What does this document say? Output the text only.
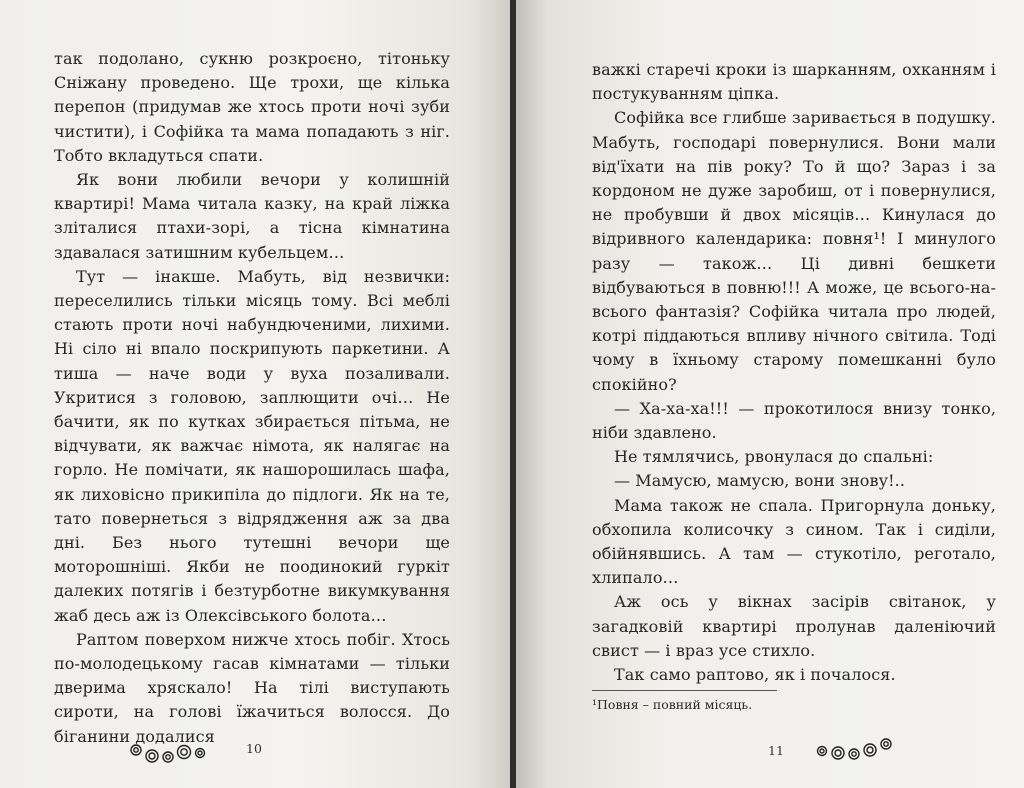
так подолано, сукню розкроєно, тітоньку Сніжану проведено. Ще трохи, ще кілька перепон (придумав же хтось проти ночі зуби чистити), і Софійка та мама попадають з ніг. Тобто вкладуться спати.

Як вони любили вечори у колишній квартирі! Мама читала казку, на край ліжка зліталися птахи-зорі, а тісна кімнатина здавалася затишним кубельцем…

Тут — інакше. Мабуть, від незвички: переселились тільки місяць тому. Всі меблі стають проти ночі набундюченими, лихими. Ні сіло ні впало поскрипують паркетини. А тиша — наче води у вуха позаливали. Укритися з головою, заплющити очі… Не бачити, як по кутках збирається пітьма, не відчувати, як важчає німота, як налягає на горло. Не помічати, як нашорошилась шафа, як лиховісно прикипіла до підлоги. Як на те, тато повернеться з відрядження аж за два дні. Без нього тутешні вечори ще моторошніші. Якби не поодинокий гуркіт далеких потягів і безтурботне викумкування жаб десь аж із Олексівського болота…

Раптом поверхом нижче хтось побіг. Хтось по-молодецькому гасав кімнатами — тільки дверима хряскало! На тілі виступають сироти, на голові їжачиться волосся. До біганини додалися

10

важкі старечі кроки із шарканням, охканням і постукуванням ціпка.

Софійка все глибше заривається в подушку. Мабуть, господарі повернулися. Вони мали від'їхати на пів року? То й що? Зараз і за кордоном не дуже заробиш, от і повернулися, не пробувши й двох місяців… Кинулася до відривного календарика: повня¹! І минулого разу — також… Ці дивні бешкети відбуваються в повню!!! А може, це всього-на-всього фантазія? Софійка читала про людей, котрі піддаються впливу нічного світила. Тоді чому в їхньому старому помешканні було спокійно?

— Ха-ха-ха!!! — прокотилося внизу тонко, ніби здавлено.

Не тямлячись, рвонулася до спальні:

— Мамусю, мамусю, вони знову!..

Мама також не спала. Пригорнула доньку, обхопила колисочку з сином. Так і сиділи, обійнявшись. А там — стукотіло, реготало, хлипало…

Аж ось у вікнах засірів світанок, у загадковій квартирі пролунав даленіючий свист — і враз усе стихло.

Так само раптово, як і почалося.

¹Повня – повний місяць.
11
